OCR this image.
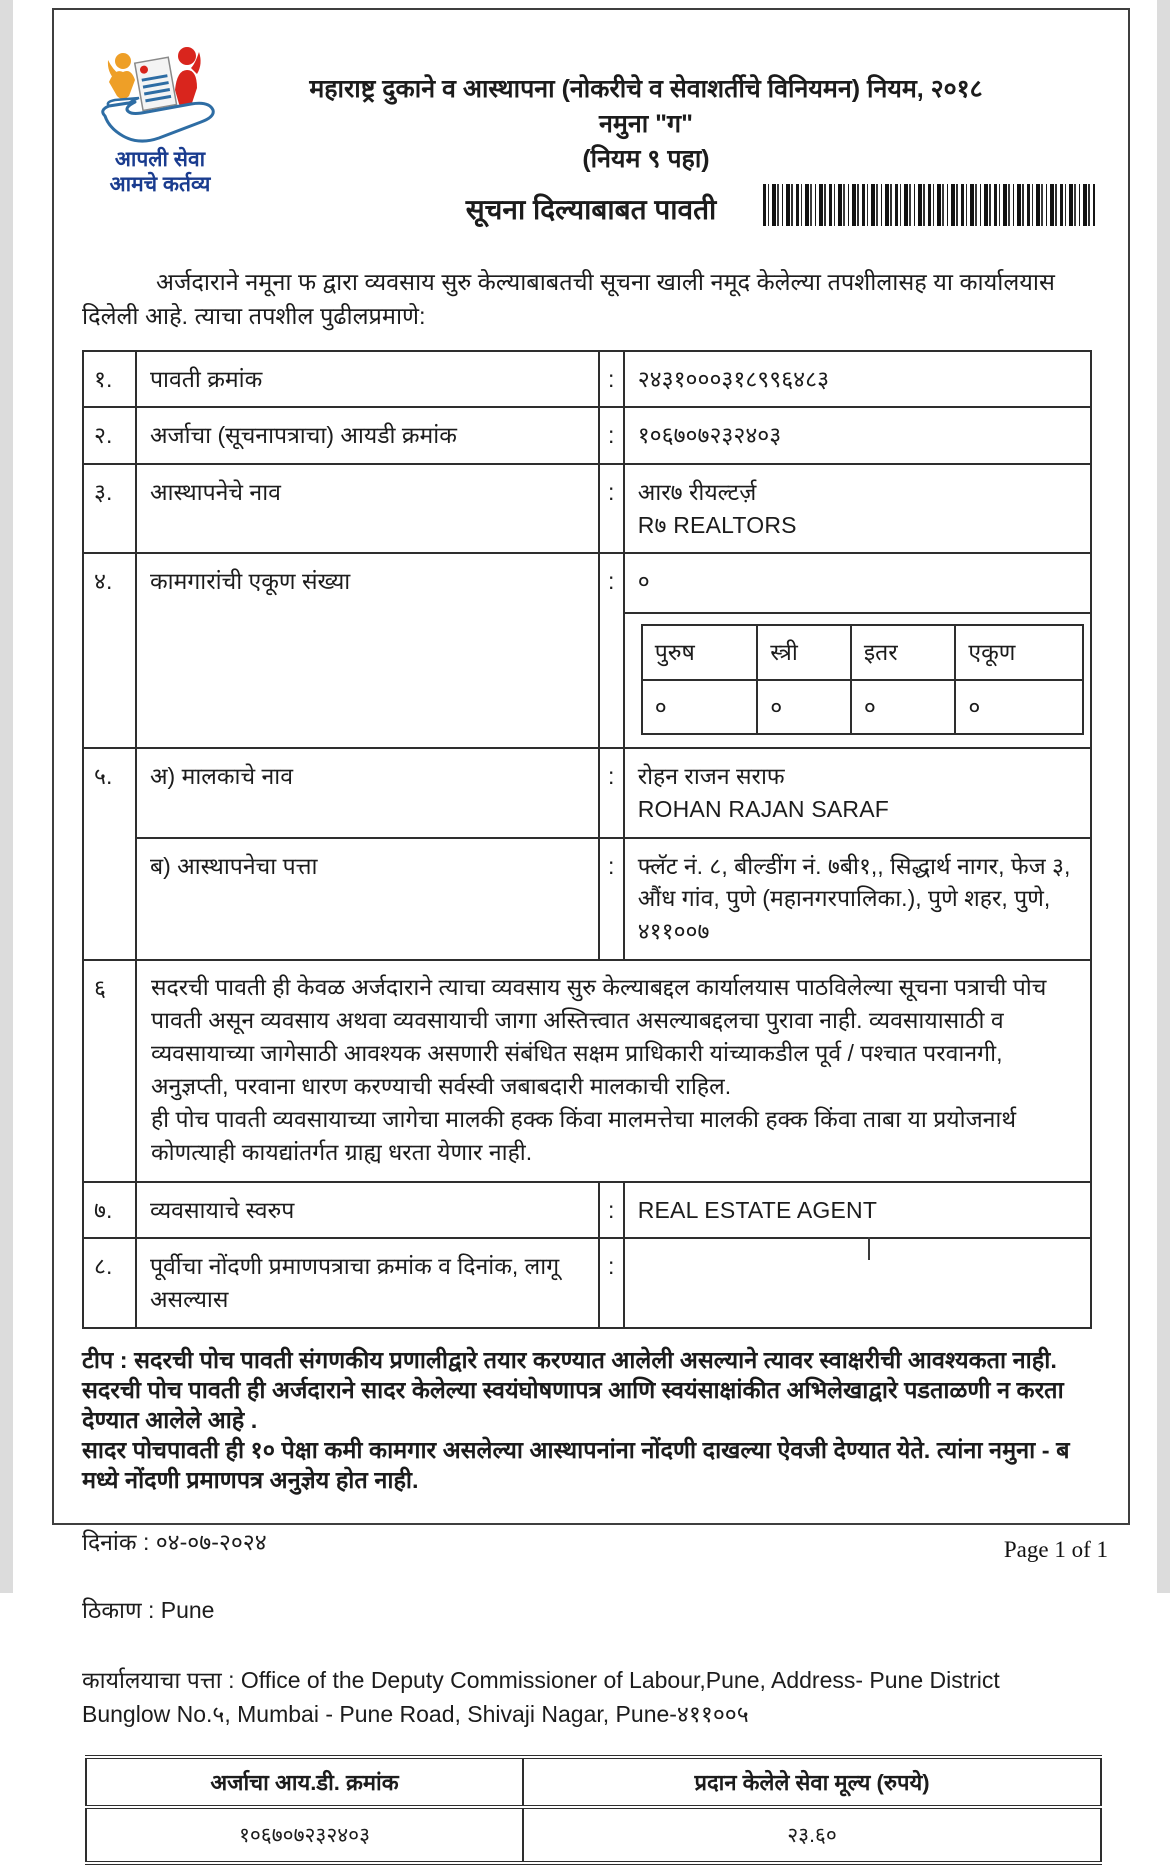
आपली सेवा
आमचे कर्तव्य
महाराष्ट्र दुकाने व आस्थापना (नोकरीचे व सेवाशर्तीचे विनियमन) नियम, २०१८
नमुना "ग"
(नियम ९ पहा)
सूचना दिल्याबाबत पावती

अर्जदाराने नमूना फ द्वारा व्यवसाय सुरु केल्याबाबतची सूचना खाली नमूद केलेल्या तपशीलासह या कार्यालयास दिलेली आहे. त्याचा तपशील पुढीलप्रमाणे:

१.	पावती क्रमांक	:	२४३१०००३१८९९६४८३
२.	अर्जाचा (सूचनापत्राचा) आयडी क्रमांक	:	१०६७०७२३२४०३
३.	आस्थापनेचे नाव	:	आर७ रीयल्टर्ज़
R७ REALTORS

४.	कामगारांची एकूण संख्या	:	०
पुरुष	स्त्री	इतर	एकूण
०	०	०	०

५.	अ) मालकाचे नाव	:	रोहन राजन सराफ
ROHAN RAJAN SARAF

ब) आस्थापनेचा पत्ता	:	फ्लॅट नं. ८, बील्डींग नं. ७बी१,, सिद्धार्थ नागर, फेज ३, औंध गांव, पुणे (महानगरपालिका.), पुणे शहर, पुणे, ४११००७
६	सदरची पावती ही केवळ अर्जदाराने त्याचा व्यवसाय सुरु केल्याबद्दल कार्यालयास पाठविलेल्या सूचना पत्राची पोच पावती असून व्यवसाय अथवा व्यवसायाची जागा अस्तित्त्वात असल्याबद्दलचा पुरावा नाही. व्यवसायासाठी व व्यवसायाच्या जागेसाठी आवश्यक असणारी संबंधित सक्षम प्राधिकारी यांच्याकडील पूर्व / पश्चात परवानगी, अनुज्ञप्ती, परवाना धारण करण्याची सर्वस्वी जबाबदारी मालकाची राहिल.

ही पोच पावती व्यवसायाच्या जागेचा मालकी हक्क किंवा मालमत्तेचा मालकी हक्क किंवा ताबा या प्रयोजनार्थ कोणत्याही कायद्यांतर्गत ग्राह्य धरता येणार नाही.

७.	व्यवसायाचे स्वरुप	:	REAL ESTATE AGENT
८.	पूर्वीचा नोंदणी प्रमाणपत्राचा क्रमांक व दिनांक, लागू असल्यास	:	
टीप : सदरची पोच पावती संगणकीय प्रणालीद्वारे तयार करण्यात आलेली असल्याने त्यावर स्वाक्षरीची आवश्यकता नाही.
सदरची पोच पावती ही अर्जदाराने सादर केलेल्या स्वयंघोषणापत्र आणि स्वयंसाक्षांकीत अभिलेखाद्वारे पडताळणी न करता देण्यात आलेले आहे .
सादर पोचपावती ही १० पेक्षा कमी कामगार असलेल्या आस्थापनांना नोंदणी दाखल्या ऐवजी देण्यात येते. त्यांना नमुना - ब मध्ये नोंदणी प्रमाणपत्र अनुज्ञेय होत नाही.

दिनांक : ०४-०७-२०२४

ठिकाण : Pune

कार्यालयाचा पत्ता : Office of the Deputy Commissioner of Labour,Pune, Address- Pune District Bunglow No.५, Mumbai - Pune Road, Shivaji Nagar, Pune-४११००५

अर्जाचा आय.डी. क्रमांक	प्रदान केलेले सेवा मूल्य (रुपये)
१०६७०७२३२४०३	२३.६०
Page 1 of 1
